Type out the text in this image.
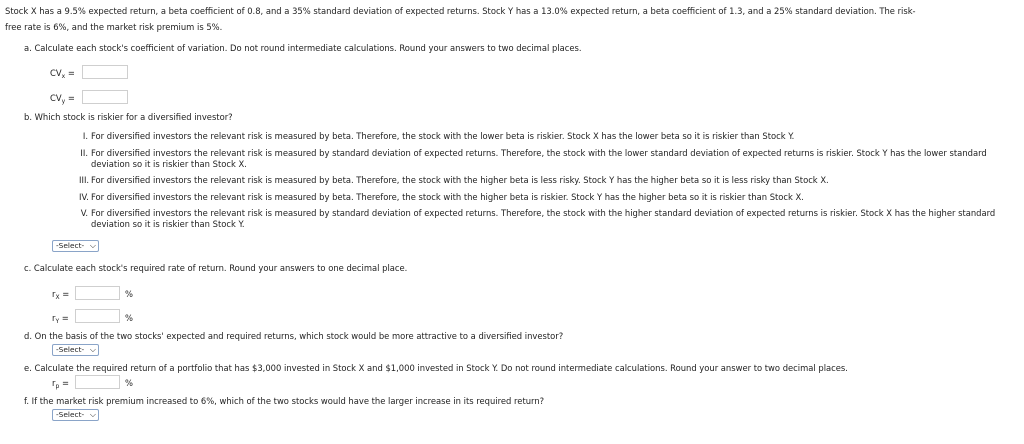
Stock X has a 9.5% expected return, a beta coefficient of 0.8, and a 35% standard deviation of expected returns. Stock Y has a 13.0% expected return, a beta coefficient of 1.3, and a 25% standard deviation. The risk-
free rate is 6%, and the market risk premium is 5%.
a. Calculate each stock's coefficient of variation. Do not round intermediate calculations. Round your answers to two decimal places.
$CV_x$ =
$CV_y$ =
b. Which stock is riskier for a diversified investor?
I. For diversified investors the relevant risk is measured by beta. Therefore, the stock with the lower beta is riskier. Stock X has the lower beta so it is riskier than Stock Y.
II. For diversified investors the relevant risk is measured by standard deviation of expected returns. Therefore, the stock with the lower standard deviation of expected returns is riskier. Stock Y has the lower standard deviation so it is riskier than Stock X.
III. For diversified investors the relevant risk is measured by beta. Therefore, the stock with the higher beta is less risky. Stock Y has the higher beta so it is less risky than Stock X.
IV. For diversified investors the relevant risk is measured by beta. Therefore, the stock with the higher beta is riskier. Stock Y has the higher beta so it is riskier than Stock X.
V. For diversified investors the relevant risk is measured by standard deviation of expected returns. Therefore, the stock with the higher standard deviation of expected returns is riskier. Stock X has the higher standard deviation so it is riskier than Stock Y.
-Select- ⌵
c. Calculate each stock's required rate of return. Round your answers to one decimal place.
$r_X$ =	%
$r_Y$ =	%
d. On the basis of the two stocks' expected and required returns, which stock would be more attractive to a diversified investor?
-Select- ⌵
e. Calculate the required return of a portfolio that has $3,000 invested in Stock X and $1,000 invested in Stock Y. Do not round intermediate calculations. Round your answer to two decimal places.
$r_p$ =	%
f. If the market risk premium increased to 6%, which of the two stocks would have the larger increase in its required return?
-Select- ⌵
